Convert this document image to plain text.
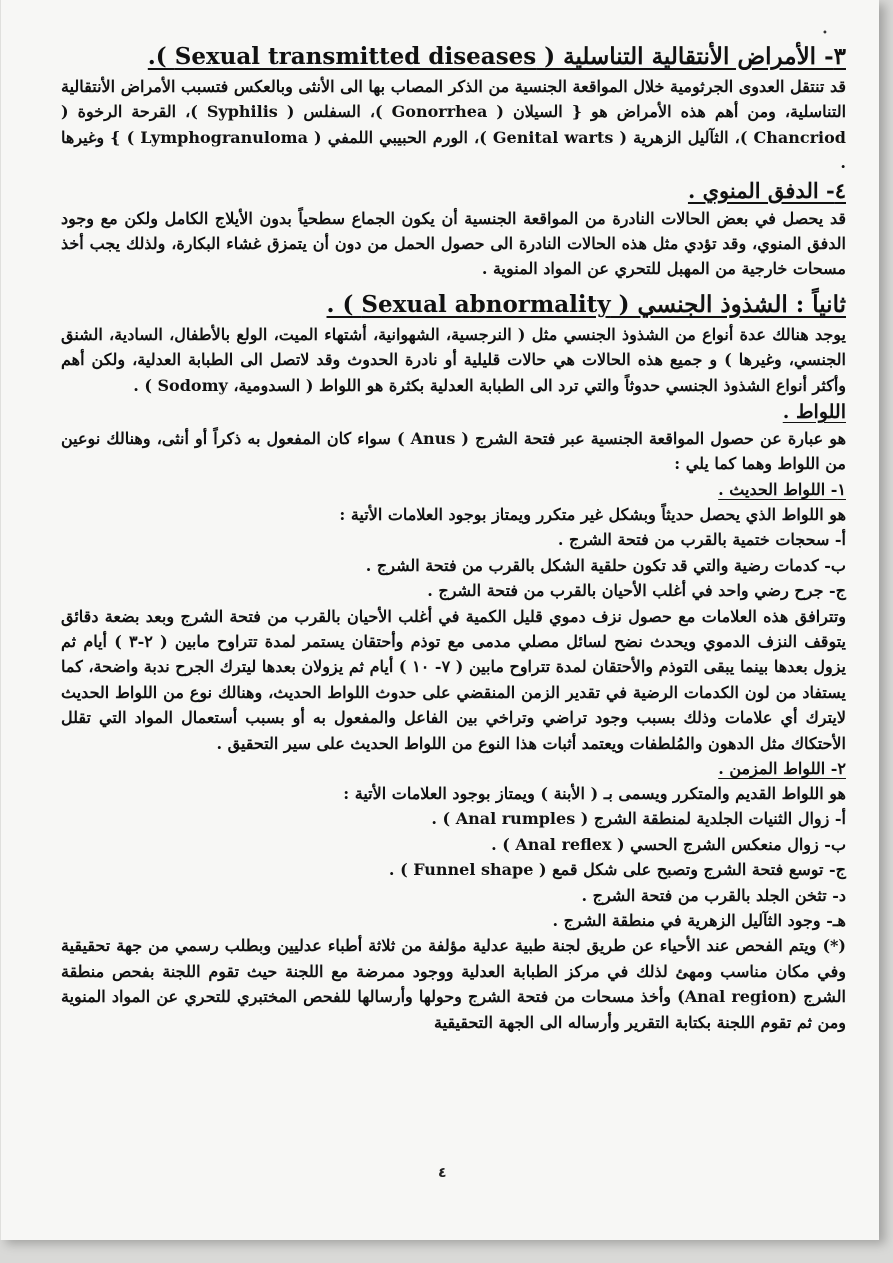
•

٣- الأمراض الأنتقالية التناسلية ( Sexual transmitted diseases ).

قد تنتقل العدوى الجرثومية خلال المواقعة الجنسية من الذكر المصاب بها الى الأنثى وبالعكس فتسبب الأمراض الأنتقالية التناسلية، ومن أهم هذه الأمراض هو { السيلان ( Gonorrhea )، السفلس ( Syphilis )، القرحة الرخوة ( Chancriod )، الثآليل الزهرية ( Genital warts )، الورم الحبيبي اللمفي ( Lymphogranuloma ) } وغيرها .

٤- الدفق المنوي .

قد يحصل في بعض الحالات النادرة من المواقعة الجنسية أن يكون الجماع سطحياً بدون الأيلاج الكامل ولكن مع وجود الدفق المنوي، وقد تؤدي مثل هذه الحالات النادرة الى حصول الحمل من دون أن يتمزق غشاء البكارة، ولذلك يجب أخذ مسحات خارجية من المهبل للتحري عن المواد المنوية .

ثانياً : الشذوذ الجنسي ( Sexual abnormality ) .

يوجد هنالك عدة أنواع من الشذوذ الجنسي مثل ( النرجسية، الشهوانية، أشتهاء الميت، الولع بالأطفال، السادية، الشنق الجنسي، وغيرها ) و جميع هذه الحالات هي حالات قليلية أو نادرة الحدوث وقد لاتصل الى الطبابة العدلية، ولكن أهم وأكثر أنواع الشذوذ الجنسي حدوثاً والتي ترد الى الطبابة العدلية بكثرة هو اللواط ( السدومية، Sodomy ) .

اللواط .

هو عبارة عن حصول المواقعة الجنسية عبر فتحة الشرج ( Anus ) سواء كان المفعول به ذكراً أو أنثى، وهنالك نوعين من اللواط وهما كما يلي :

١- اللواط الحديث .

هو اللواط الذي يحصل حديثاً وبشكل غير متكرر ويمتاز بوجود العلامات الأتية :

أ- سحجات ختمية بالقرب من فتحة الشرج .

ب- كدمات رضية والتي قد تكون حلقية الشكل بالقرب من فتحة الشرج .

ج- جرح رضي واحد في أغلب الأحيان بالقرب من فتحة الشرج .

وتترافق هذه العلامات مع حصول نزف دموي قليل الكمية في أغلب الأحيان بالقرب من فتحة الشرج وبعد بضعة دقائق يتوقف النزف الدموي ويحدث نضح لسائل مصلي مدمى مع توذم وأحتقان يستمر لمدة تتراوح مابين ( ٢-٣ ) أيام ثم يزول بعدها بينما يبقى التوذم والأحتقان لمدة تتراوح مابين ( ٧- ١٠ ) أيام ثم يزولان بعدها ليترك الجرح ندبة واضحة، كما يستفاد من لون الكدمات الرضية في تقدير الزمن المنقضي على حدوث اللواط الحديث، وهنالك نوع من اللواط الحديث لايترك أي علامات وذلك بسبب وجود تراضي وتراخي بين الفاعل والمفعول به أو بسبب أستعمال المواد التي تقلل الأحتكاك مثل الدهون والمُلطفات ويعتمد أثبات هذا النوع من اللواط الحديث على سير التحقيق .

٢- اللواط المزمن .

هو اللواط القديم والمتكرر ويسمى بـ ( الأبنة ) ويمتاز بوجود العلامات الأتية :

أ- زوال الثنيات الجلدية لمنطقة الشرج ( Anal rumples ) .

ب- زوال منعكس الشرج الحسي ( Anal reflex ) .

ج- توسع فتحة الشرج وتصبح على شكل قمع ( Funnel shape ) .

د- تثخن الجلد بالقرب من فتحة الشرج .

هـ- وجود الثآليل الزهرية في منطقة الشرج .

(*) ويتم الفحص عند الأحياء عن طريق لجنة طبية عدلية مؤلفة من ثلاثة أطباء عدليين وبطلب رسمي من جهة تحقيقية وفي مكان مناسب ومهئ لذلك في مركز الطبابة العدلية ووجود ممرضة مع اللجنة حيث تقوم اللجنة بفحص منطقة الشرج (Anal region) وأخذ مسحات من فتحة الشرج وحولها وأرسالها للفحص المختبري للتحري عن المواد المنوية ومن ثم تقوم اللجنة بكتابة التقرير وأرساله الى الجهة التحقيقية

٤
